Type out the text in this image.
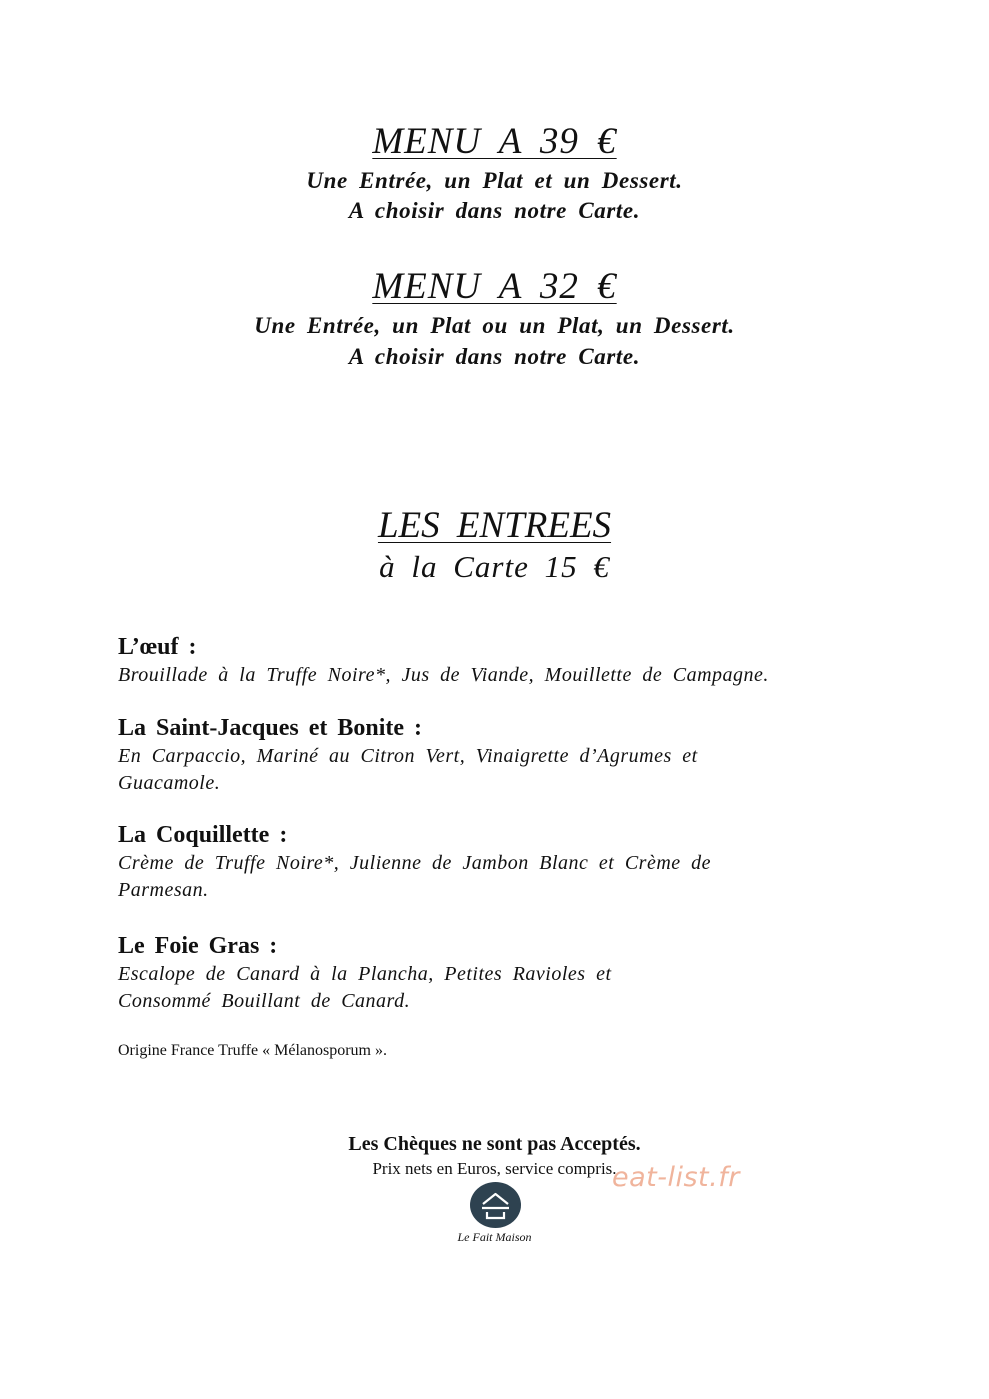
MENU A 39 €
Une Entrée, un Plat et un Dessert.
A choisir dans notre Carte.
MENU A 32 €
Une Entrée, un Plat ou un Plat, un Dessert.
A choisir dans notre Carte.
LES ENTREES
à la Carte 15 €
L’œuf :
Brouillade à la Truffe Noire*, Jus de Viande, Mouillette de Campagne.
La Saint-Jacques et Bonite :
En Carpaccio, Mariné au Citron Vert, Vinaigrette d’Agrumes et
Guacamole.
La Coquillette :
Crème de Truffe Noire*, Julienne de Jambon Blanc et Crème de
Parmesan.
Le Foie Gras :
Escalope de Canard à la Plancha, Petites Ravioles et
Consommé Bouillant de Canard.
Origine France Truffe « Mélanosporum ».
Les Chèques ne sont pas Acceptés.
Prix nets en Euros, service compris.
eat-list.fr
Le Fait Maison
